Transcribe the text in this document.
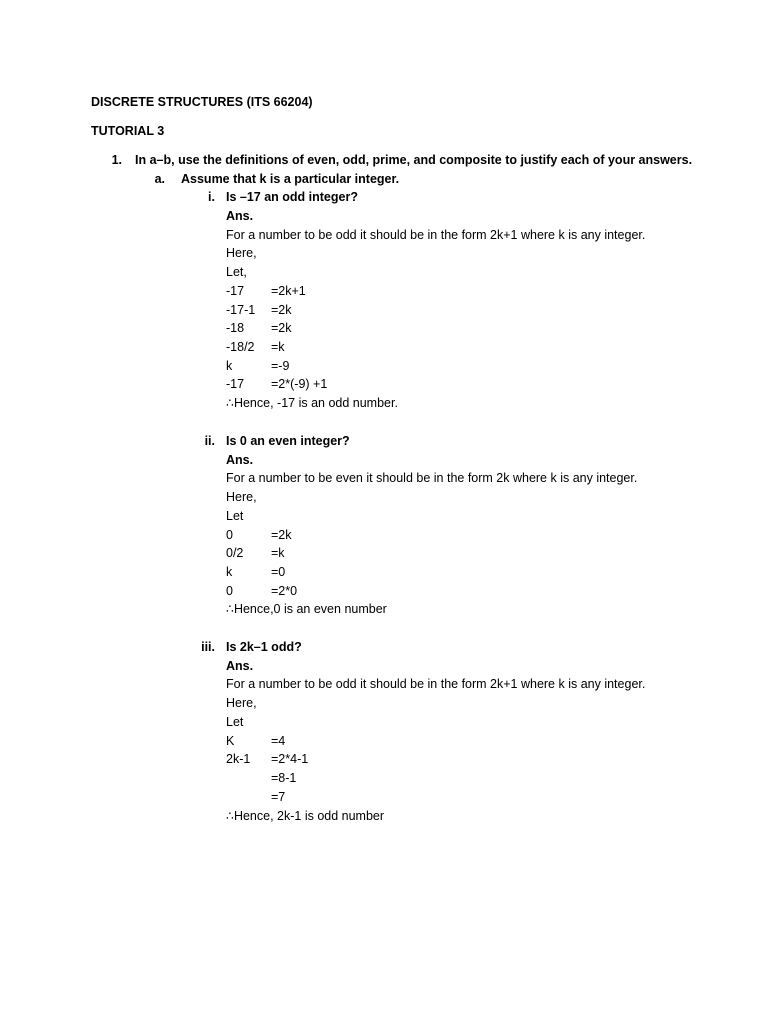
DISCRETE STRUCTURES (ITS 66204)
TUTORIAL 3
1. In a–b, use the definitions of even, odd, prime, and composite to justify each of your answers.
a. Assume that k is a particular integer.
i. Is –17 an odd integer?
Ans.
For a number to be odd it should be in the form 2k+1 where k is any integer.
Here,
Let,
-17 =2k+1
-17-1 =2k
-18 =2k
-18/2 =k
k	=-9
-17 =2*(-9) +1
∴Hence, -17 is an odd number.
ii. Is 0 an even integer?
Ans.
For a number to be even it should be in the form 2k where k is any integer.
Here,
Let
0	=2k
0/2 =k
k	=0
0	=2*0
∴Hence,0 is an even number
iii. Is 2k–1 odd?
Ans.
For a number to be odd it should be in the form 2k+1 where k is any integer.
Here,
Let
K	=4
2k-1 =2*4-1
=8-1
=7
∴Hence, 2k-1 is odd number
